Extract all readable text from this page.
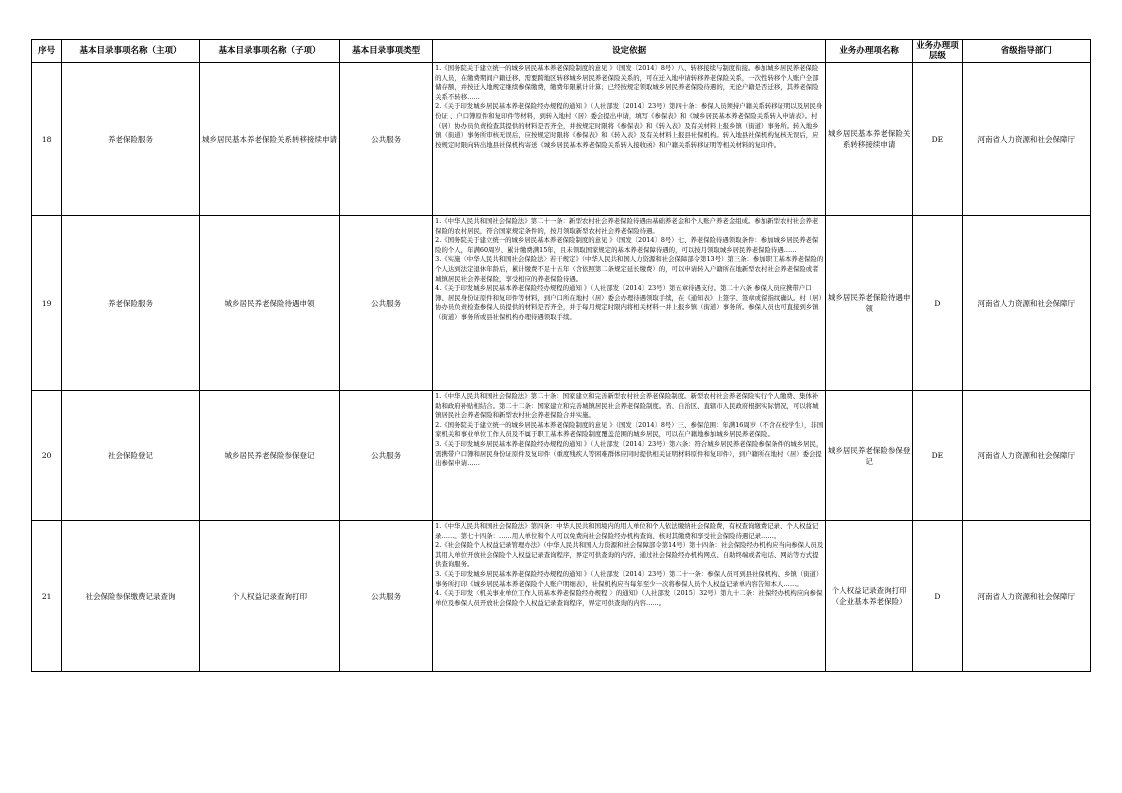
序号	基本目录事项名称（主项）	基本目录事项名称（子项）	基本目录事项类型	设定依据	业务办理项名称	业务办理项层级	省级指导部门
18	养老保险服务	城乡居民基本养老保险关系转移接续申请	公共服务	1.《国务院关于建立统一的城乡居民基本养老保险制度的意见 》（国发〔2014〕8号）八、转移接续与制度衔接。参加城乡居民养老保险的人员，在缴费期间户籍迁移、需要跨地区转移城乡居民养老保险关系的，可在迁入地申请转移养老保险关系，一次性转移个人账户全部储存额，并按迁入地规定继续参保缴费，缴费年限累计计算；已经按规定领取城乡居民养老保险待遇的，无论户籍是否迁移，其养老保险关系不转移……
2.《关于印发城乡居民基本养老保险经办规程的通知 》（人社部发〔2014〕23号）第四十条：参保人员须持户籍关系转移证明以及居民身份证 、户口簿原件和复印件等材料，到转入地村（居）委会提出申请，填写《参保表》和《城乡居民基本养老保险关系转入申请表》。村（居）协办员负责检查其提供的材料是否齐全，并按规定时限将《参保表》和《转入表》及有关材料上报乡镇（街道）事务所。转入地乡镇（街道）事务所审核无误后，应按规定时限将《参保表》和《转入表》及有关材料上报县社保机构。转入地县社保机构复核无误后，应按规定时限向转出地县社保机构寄送《城乡居民基本养老保险关系转入接收函》和户籍关系转移证明等相关材料的复印件。	城乡居民基本养老保险关系转移接续申请	DE	河南省人力资源和社会保障厅
19	养老保险服务	城乡居民养老保险待遇申领	公共服务	1.《中华人民共和国社会保险法》第二十一条：新型农村社会养老保险待遇由基础养老金和个人账户养老金组成。参加新型农村社会养老保险的农村居民，符合国家规定条件的，按月领取新型农村社会养老保险待遇。
2.《国务院关于建立统一的城乡居民基本养老保险制度的意见 》（国发〔2014〕8号）七、养老保险待遇领取条件：参加城乡居民养老保险的个人，年满60周岁、累计缴费满15年，且未领取国家规定的基本养老保障待遇的，可以按月领取城乡居民养老保险待遇……
3.《实施〈中华人民共和国社会保险法〉若干规定》（中华人民共和国人力资源和社会保障部令第13号）第三条：参加职工基本养老保险的个人达到法定退休年龄后，累计缴费不足十五年（含依照第二条规定延长缴费）的，可以申请转入户籍所在地新型农村社会养老保险或者城镇居民社会养老保险，享受相应的养老保险待遇。
4.《关于印发城乡居民基本养老保险经办规程的通知 》（人社部发〔2014〕23号）第五章待遇支付。第二十六条 参保人员应携带户口簿、居民身份证原件和复印件等材料，到户口所在地村（居）委会办理待遇领取手续，在《通知表》上签字、签章或留指纹确认。村（居）协办员负责检查参保人员提供的材料是否齐全，并于每月规定时限内将相关材料一并上报乡镇（街道）事务所。参保人员也可直接到乡镇（街道）事务所或县社保机构办理待遇领取手续。	城乡居民养老保险待遇申领	D	河南省人力资源和社会保障厅
20	社会保险登记	城乡居民养老保险参保登记	公共服务	1.《中华人民共和国社会保险法》第二十条：国家建立和完善新型农村社会养老保险制度。新型农村社会养老保险实行个人缴费、集体补助和政府补贴相结合。第二十二条：国家建立和完善城镇居民社会养老保险制度。省、自治区、直辖市人民政府根据实际情况，可以将城镇居民社会养老保险和新型农村社会养老保险合并实施。
2.《国务院关于建立统一的城乡居民基本养老保险制度的意见 》（国发〔2014〕8号）三、参保范围：年满16周岁（不含在校学生），非国家机关和事业单位工作人员及不属于职工基本养老保险制度覆盖范围的城乡居民，可以在户籍地参加城乡居民养老保险。
3.《关于印发城乡居民基本养老保险经办规程的通知 》（人社部发〔2014〕23号）第六条：符合城乡居民养老保险参保条件的城乡居民，需携带户口簿和居民身份证原件及复印件（重度残疾人等困难群体应同时提供相关证明材料原件和复印件），到户籍所在地村（居）委会提出参保申请……	城乡居民养老保险参保登记	DE	河南省人力资源和社会保障厅
21	社会保险参保缴费记录查询	个人权益记录查询打印	公共服务	1.《中华人民共和国社会保险法》第四条：中华人民共和国境内的用人单位和个人依法缴纳社会保险费，有权查询缴费记录、个人权益记录……。第七十四条：……用人单位和个人可以免费向社会保险经办机构查询、核对其缴费和享受社会保险待遇记录……。
2.《社会保险个人权益记录管理办法》（中华人民共和国人力资源和社会保障部令第14号）第十四条：社会保险经办机构应当向参保人员及其用人单位开放社会保险个人权益记录查询程序，界定可供查询的内容，通过社会保险经办机构网点、自助终端或者电话、网站等方式提供查询服务。
3.《关于印发城乡居民基本养老保险经办规程的通知 》（人社部发〔2014〕23号）第二十一条：参保人员可到县社保机构、乡镇（街道）事务所打印《城乡居民基本养老保险个人账户明细表》，社保机构应当每年至少一次将参保人员个人权益记录单内容告知本人……。
4.《关于印发〈机关事业单位工作人员基本养老保险经办规程 〉的通知》（人社部发〔2015〕32号）第九十二条：社保经办机构应向参保单位及参保人员开放社会保险个人权益记录查询程序，界定可供查询的内容……。	个人权益记录查询打印（企业基本养老保险）	D	河南省人力资源和社会保障厅
